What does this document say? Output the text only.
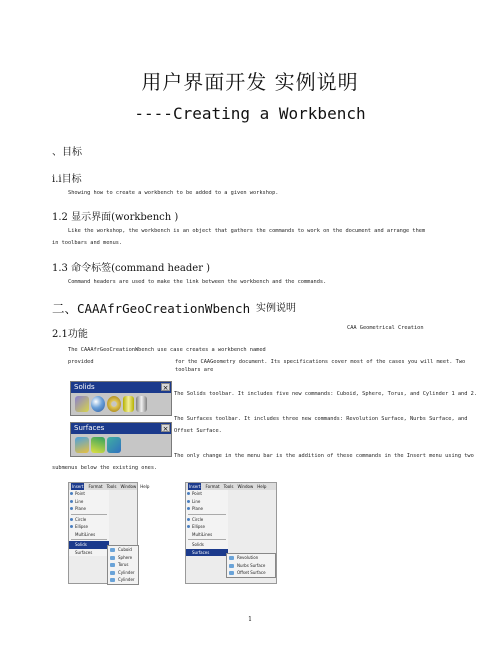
用户界面开发 实例说明
----Creating a Workbench
、目标
i.i目标
Showing how to create a workbench to be added to a given workshop.
1.2 显示界面(workbench )
Like the workshop, the workbench is an object that gathers the commands to work on the document and arrange them
in toolbars and menus.
1.3 命令标签(command header )
Command headers are used to make the link between the workbench and the commands.
二、CAAAfrGeoCreationWbench 实例说明
2.1功能
CAA Geometrical Creation
The CAAAfrGeoCreationWbench use case creates a workbench named
provided	for the CAAGeometry document. Its specifications cover most of the cases you will meet. Two
toolbars are
Solids	×
The Solids toolbar. It includes five new commands: Cuboid, Sphere, Torus, and Cylinder 1 and 2.
Surfaces	×
The Surfaces toolbar. It includes three new commands: Revolution Surface, Nurbs Surface, and
Offset Surface.
The only change in the menu bar is the addition of these commands in the Insert menu using two
submenus below the existing ones.
Insert Format Tools Window Help
Point
Line
Plane
Circle
Ellipse
MultiLines
Solids
Surfaces	Cuboid
Sphere
Torus
Cylinder
Cylinder
Insert Format Tools Window Help
Point
Line
Plane
Circle
Ellipse
MultiLines
Solids
Surfaces
Revolution
Nurbs Surface
Offset Surface
1
